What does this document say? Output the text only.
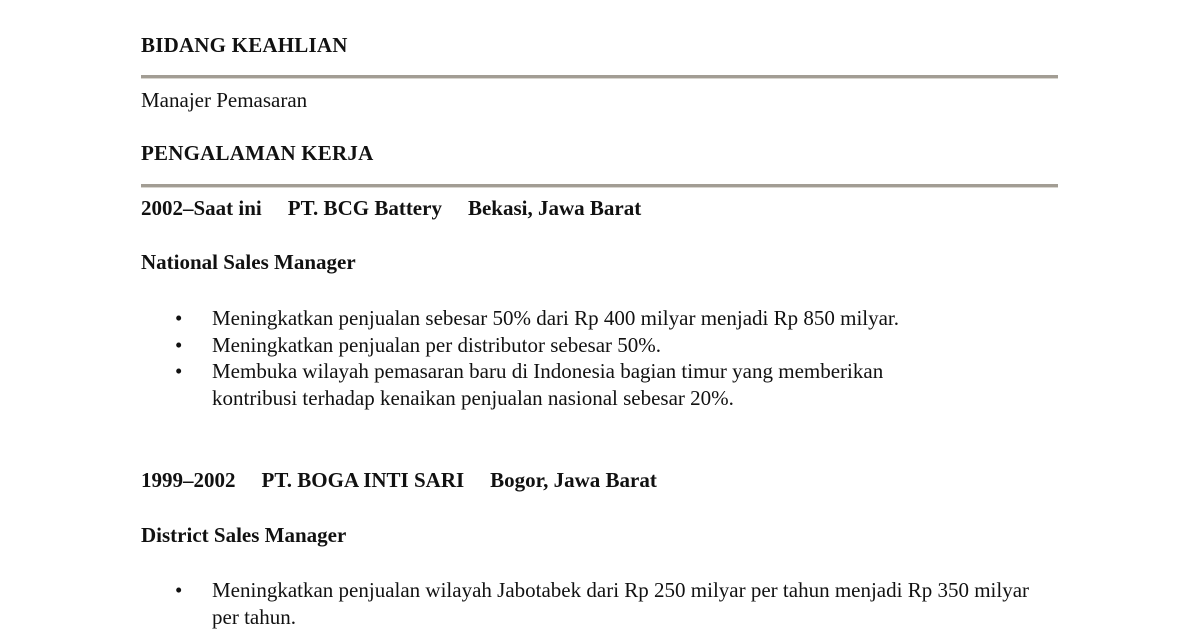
BIDANG KEAHLIAN
Manajer Pemasaran
PENGALAMAN KERJA
2002–Saat ini PT. BCG Battery Bekasi, Jawa Barat
National Sales Manager
• Meningkatkan penjualan sebesar 50% dari Rp 400 milyar menjadi Rp 850 milyar.
• Meningkatkan penjualan per distributor sebesar 50%.
• Membuka wilayah pemasaran baru di Indonesia bagian timur yang memberikan kontribusi terhadap kenaikan penjualan nasional sebesar 20%.
1999–2002 PT. BOGA INTI SARI Bogor, Jawa Barat
District Sales Manager
• Meningkatkan penjualan wilayah Jabotabek dari Rp 250 milyar per tahun menjadi Rp 350 milyar per tahun.
